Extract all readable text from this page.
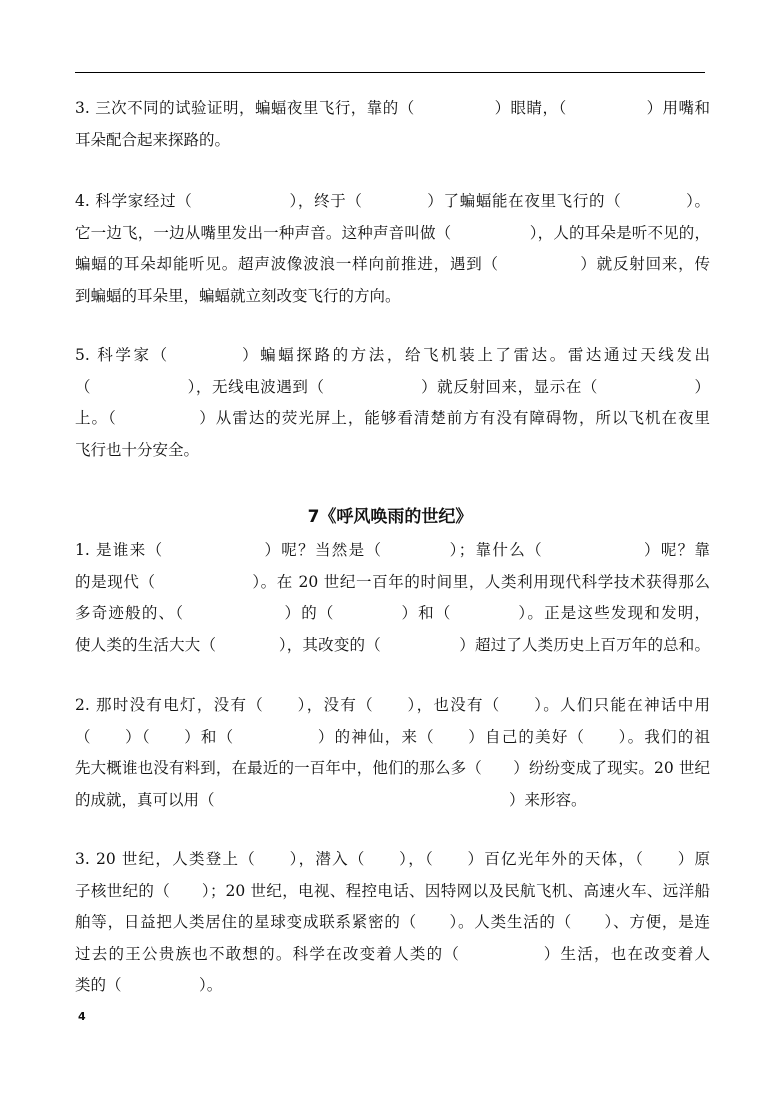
3. 三次不同的试验证明，蝙蝠夜里飞行，靠的（　　　　　）眼睛，（　　　　　）用嘴和
耳朵配合起来探路的。
4. 科学家经过（　　　　　　），终于（　　　　）了蝙蝠能在夜里飞行的（　　　　）。
它一边飞，一边从嘴里发出一种声音。这种声音叫做（　　　　　），人的耳朵是听不见的，
蝙蝠的耳朵却能听见。超声波像波浪一样向前推进，遇到（　　　　　）就反射回来，传
到蝙蝠的耳朵里，蝙蝠就立刻改变飞行的方向。
5. 科学家（　　　　）蝙蝠探路的方法，给飞机装上了雷达。雷达通过天线发出
（　　　　　　），无线电波遇到（　　　　　　）就反射回来，显示在（　　　　　　）
上。（　　　　　）从雷达的荧光屏上，能够看清楚前方有没有障碍物，所以飞机在夜里
飞行也十分安全。
7《呼风唤雨的世纪》
1. 是谁来（　　　　　　）呢？当然是（　　　　）；靠什么（　　　　　　）呢？靠
的是现代（　　　　　　）。在 20 世纪一百年的时间里，人类利用现代科学技术获得那么
多奇迹般的、（　　　　　　）的（　　　　）和（　　　　）。正是这些发现和发明，
使人类的生活大大（　　　　），其改变的（　　　　　）超过了人类历史上百万年的总和。
2. 那时没有电灯，没有（　　），没有（　　），也没有（　　）。人们只能在神话中用
（　　）（　　）和（　　　　　）的神仙，来（　　）自己的美好（　　）。我们的祖
先大概谁也没有料到，在最近的一百年中，他们的那么多（　　）纷纷变成了现实。20 世纪
的成就，真可以用（　　　　　　　　　　　　　　　　　　　）来形容。
3. 20 世纪，人类登上（　　），潜入（　　），（　　）百亿光年外的天体，（　　）原
子核世纪的（　　）；20 世纪，电视、程控电话、因特网以及民航飞机、高速火车、远洋船
舶等，日益把人类居住的星球变成联系紧密的（　　）。人类生活的（　　）、方便，是连
过去的王公贵族也不敢想的。科学在改变着人类的（　　　　　）生活，也在改变着人
类的（　　　　　）。
4
